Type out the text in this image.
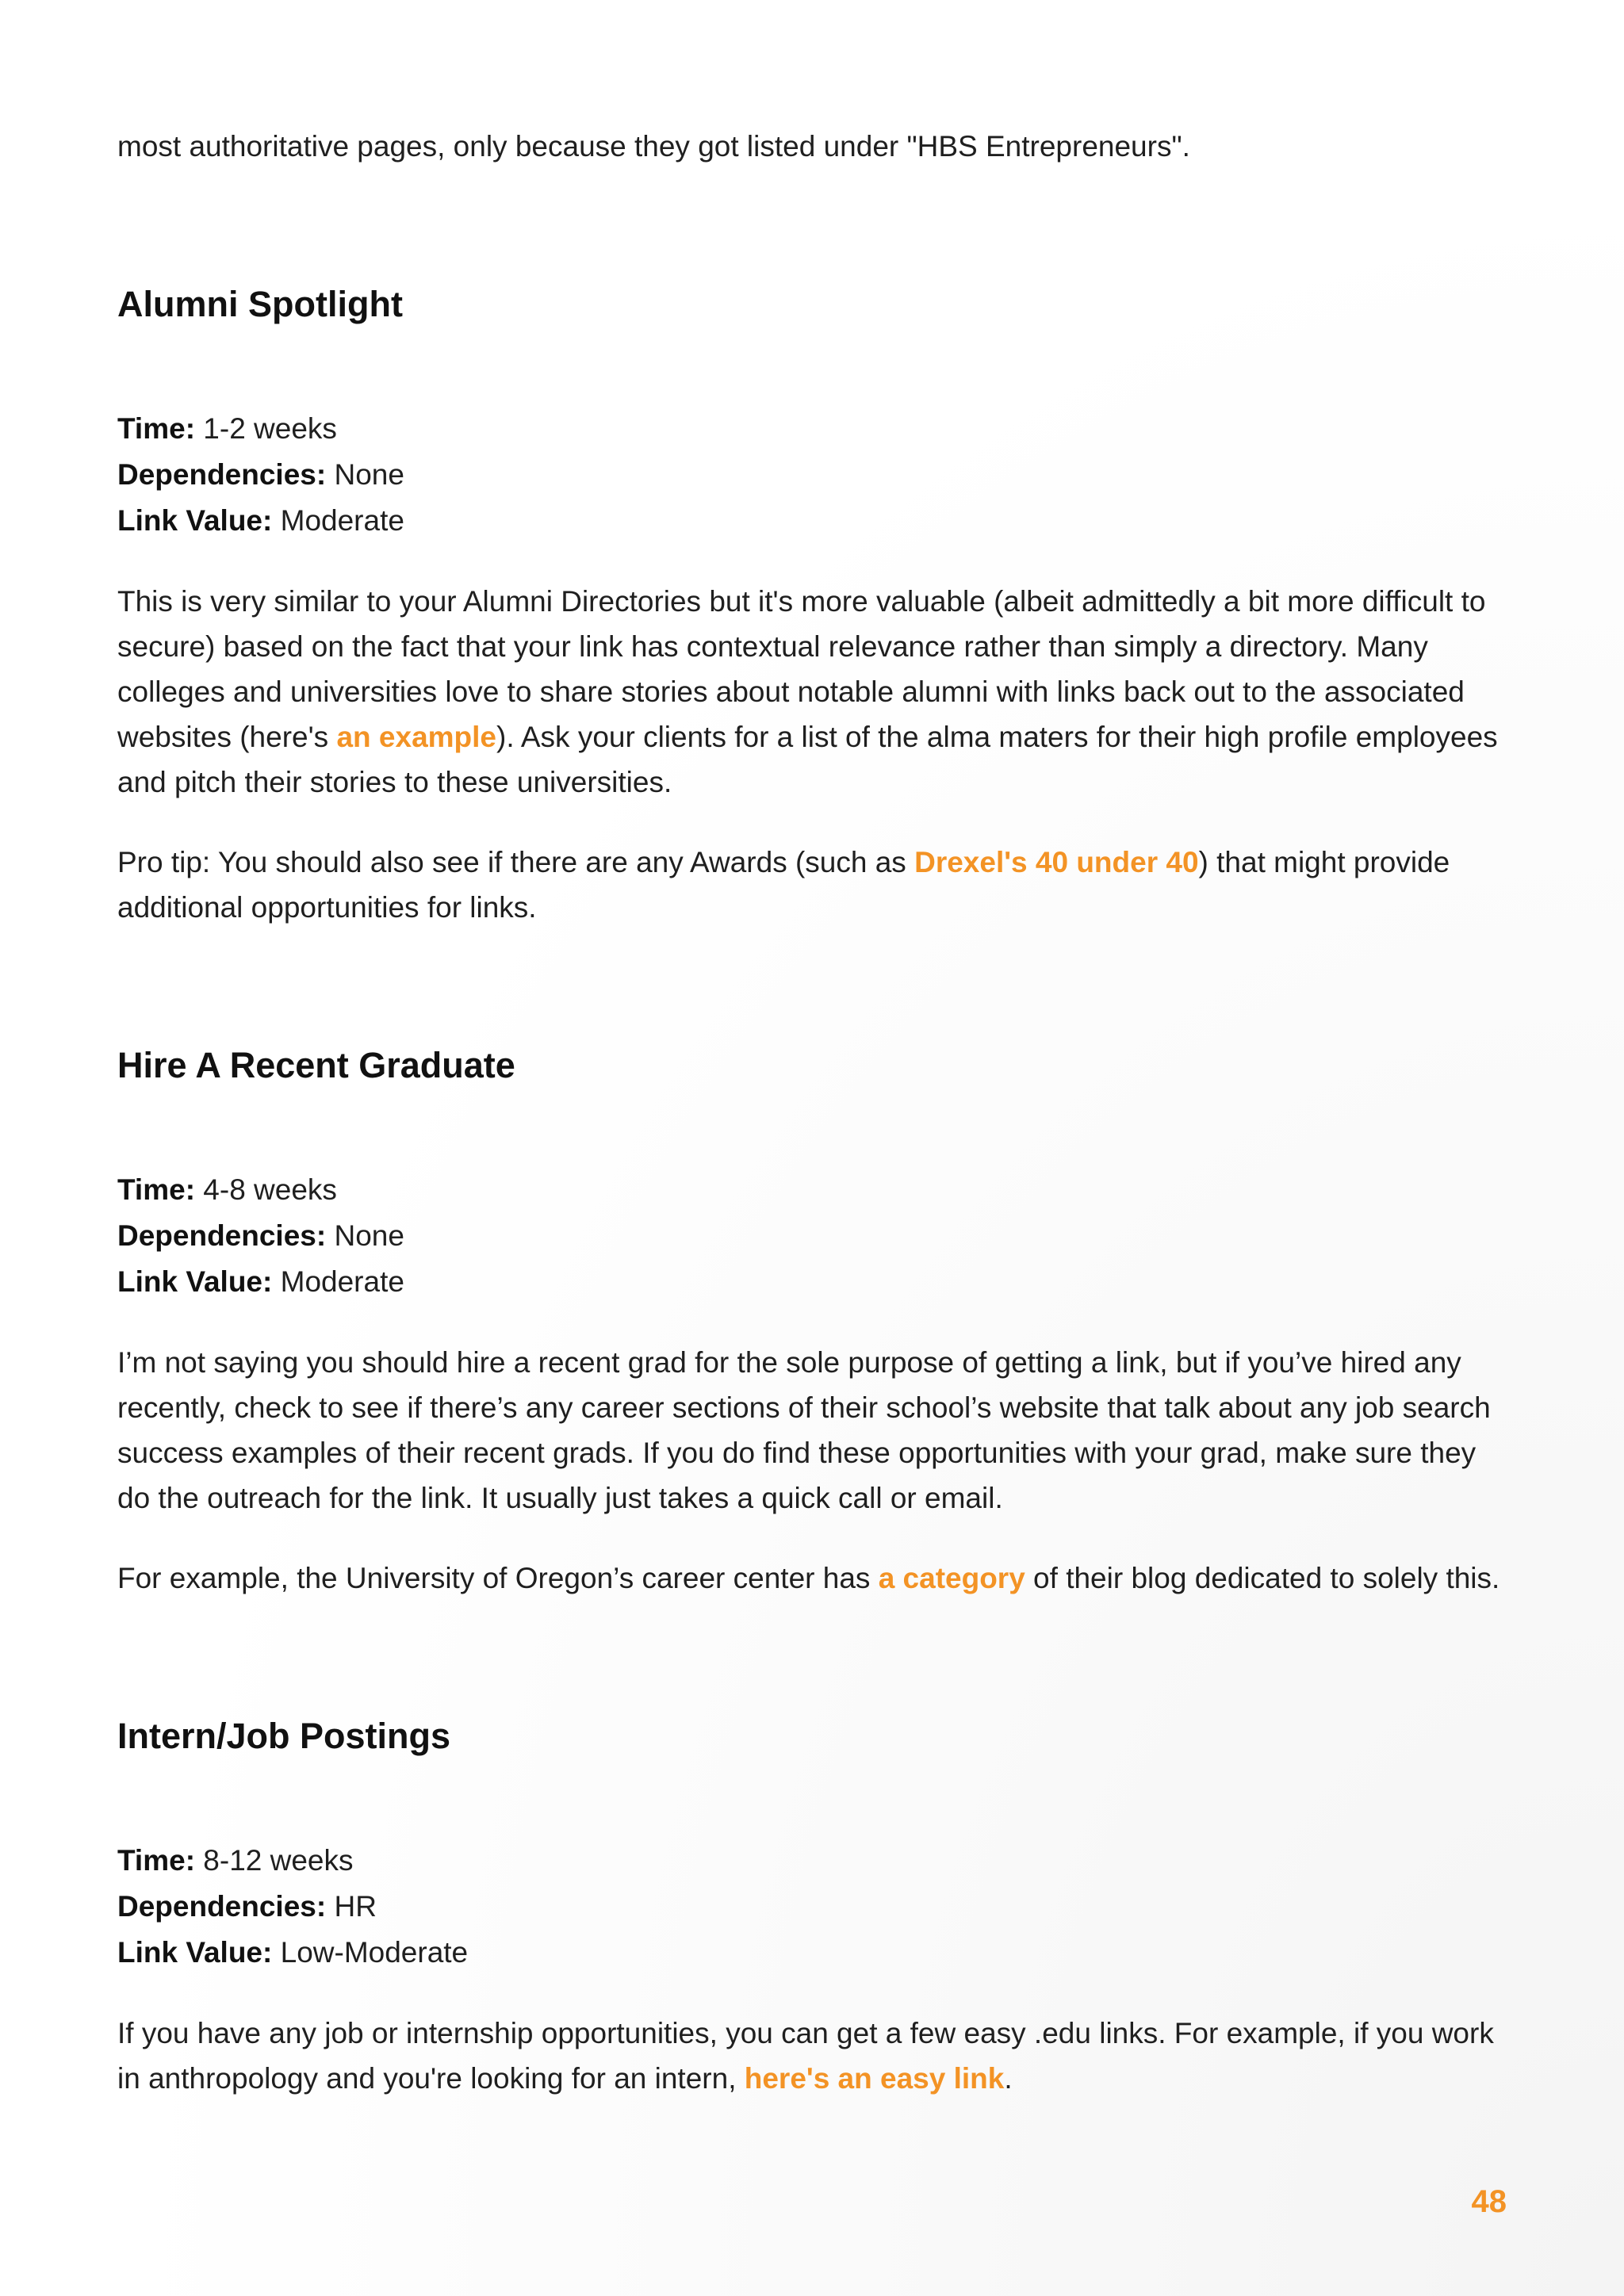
most authoritative pages, only because they got listed under "HBS Entrepreneurs".

Alumni Spotlight
Time: 1-2 weeks
Dependencies: None
Link Value: Moderate

This is very similar to your Alumni Directories but it's more valuable (albeit admittedly a bit more difficult to secure) based on the fact that your link has contextual relevance rather than simply a directory. Many colleges and universities love to share stories about notable alumni with links back out to the associated websites (here's an example). Ask your clients for a list of the alma maters for their high profile employees and pitch their stories to these universities.

Pro tip: You should also see if there are any Awards (such as Drexel's 40 under 40) that might provide additional opportunities for links.

Hire A Recent Graduate
Time: 4-8 weeks
Dependencies: None
Link Value: Moderate

I’m not saying you should hire a recent grad for the sole purpose of getting a link, but if you’ve hired any recently, check to see if there’s any career sections of their school’s website that talk about any job search success examples of their recent grads. If you do find these opportunities with your grad, make sure they do the outreach for the link. It usually just takes a quick call or email.

For example, the University of Oregon’s career center has a category of their blog dedicated to solely this.

Intern/Job Postings
Time: 8-12 weeks
Dependencies: HR
Link Value: Low-Moderate

If you have any job or internship opportunities, you can get a few easy .edu links. For example, if you work in anthropology and you're looking for an intern, here's an easy link.

48
